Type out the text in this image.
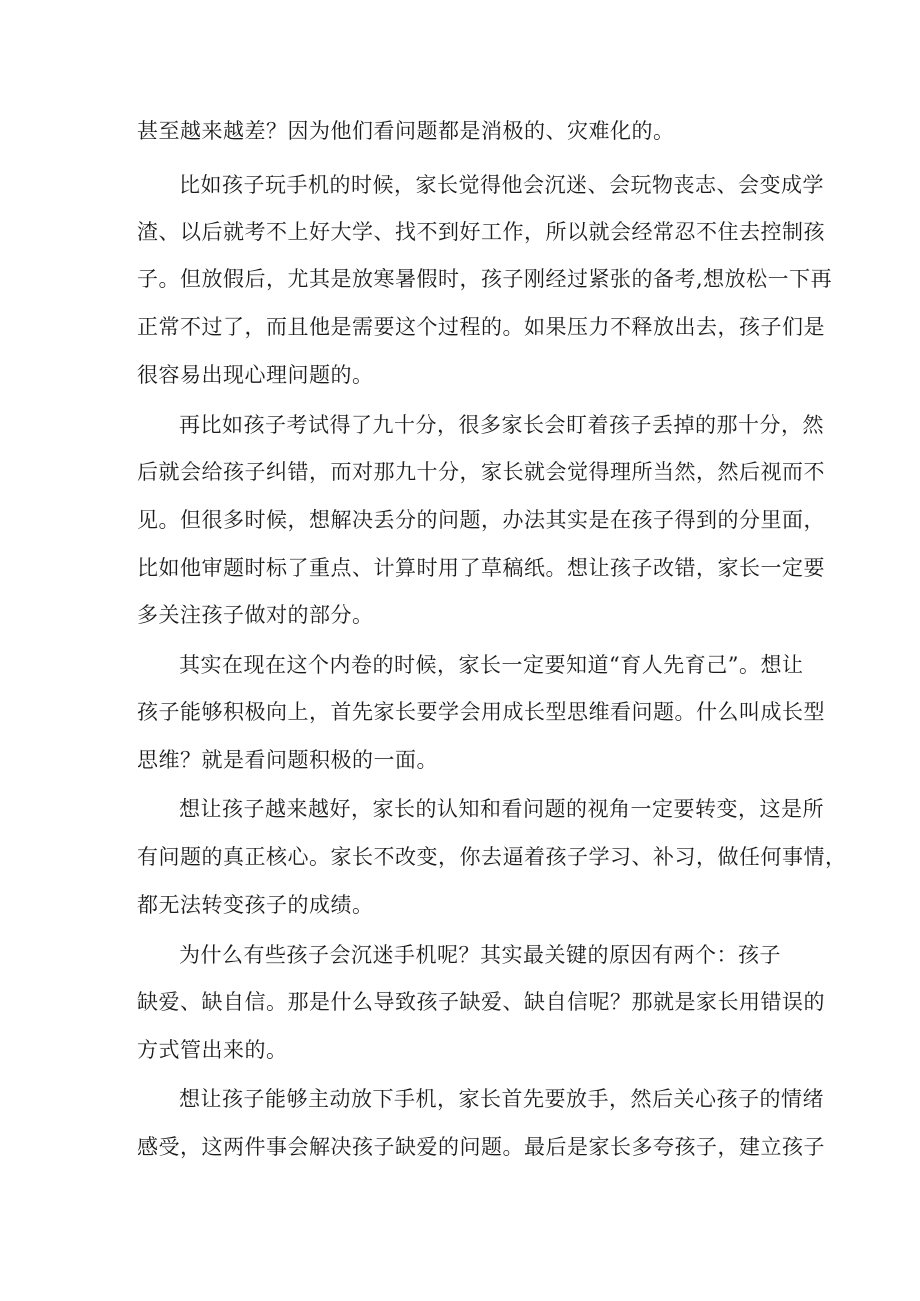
甚至越来越差？因为他们看问题都是消极的、灾难化的。
比如孩子玩手机的时候，家长觉得他会沉迷、会玩物丧志、会变成学
渣、以后就考不上好大学、找不到好工作，所以就会经常忍不住去控制孩
子。但放假后，尤其是放寒暑假时，孩子刚经过紧张的备考,想放松一下再
正常不过了，而且他是需要这个过程的。如果压力不释放出去，孩子们是
很容易出现心理问题的。
再比如孩子考试得了九十分，很多家长会盯着孩子丢掉的那十分，然
后就会给孩子纠错，而对那九十分，家长就会觉得理所当然，然后视而不
见。但很多时候，想解决丢分的问题，办法其实是在孩子得到的分里面，
比如他审题时标了重点、计算时用了草稿纸。想让孩子改错，家长一定要
多关注孩子做对的部分。
其实在现在这个内卷的时候，家长一定要知道“育人先育己”。想让
孩子能够积极向上，首先家长要学会用成长型思维看问题。什么叫成长型
思维？就是看问题积极的一面。
想让孩子越来越好，家长的认知和看问题的视角一定要转变，这是所
有问题的真正核心。家长不改变，你去逼着孩子学习、补习，做任何事情，
都无法转变孩子的成绩。
为什么有些孩子会沉迷手机呢？其实最关键的原因有两个：孩子
缺爱、缺自信。那是什么导致孩子缺爱、缺自信呢？那就是家长用错误的
方式管出来的。
想让孩子能够主动放下手机，家长首先要放手，然后关心孩子的情绪
感受，这两件事会解决孩子缺爱的问题。最后是家长多夸孩子，建立孩子
